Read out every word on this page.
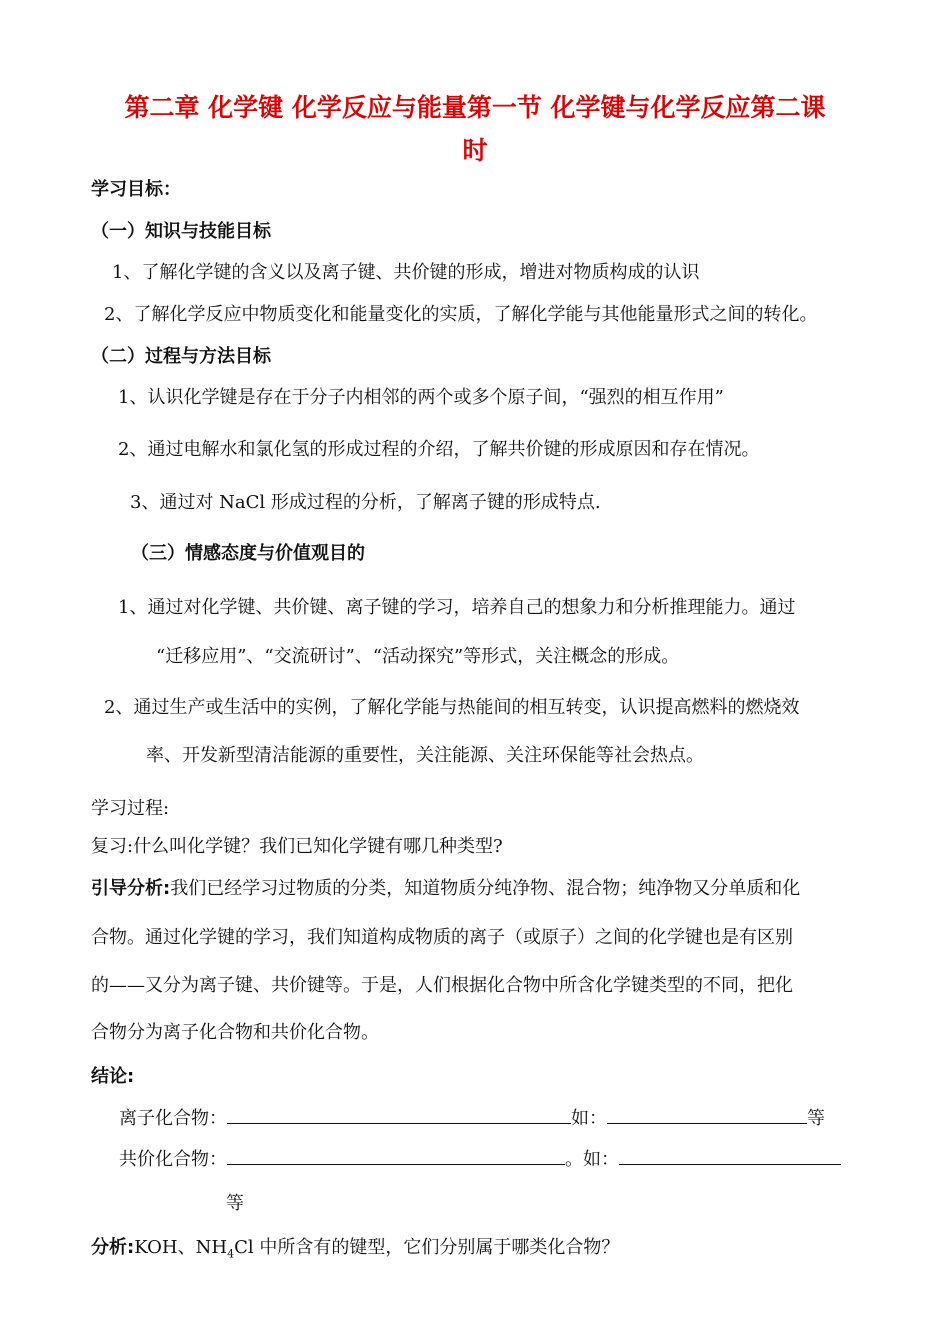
第二章 化学键 化学反应与能量第一节 化学键与化学反应第二课
时
学习目标：
（一）知识与技能目标
1、了解化学键的含义以及离子键、共价键的形成，增进对物质构成的认识
2、了解化学反应中物质变化和能量变化的实质，了解化学能与其他能量形式之间的转化。
（二）过程与方法目标
1、认识化学键是存在于分子内相邻的两个或多个原子间，“强烈的相互作用”
2、通过电解水和氯化氢的形成过程的介绍，了解共价键的形成原因和存在情况。
3、通过对 NaCl 形成过程的分析，了解离子键的形成特点.
（三）情感态度与价值观目的
1、通过对化学键、共价键、离子键的学习，培养自己的想象力和分析推理能力。通过
“迁移应用”、“交流研讨”、“活动探究”等形式，关注概念的形成。
2、通过生产或生活中的实例，了解化学能与热能间的相互转变，认识提高燃料的燃烧效
率、开发新型清洁能源的重要性，关注能源、关注环保能等社会热点。
学习过程:
复习:什么叫化学键？我们已知化学键有哪几种类型?
引导分析:我们已经学习过物质的分类，知道物质分纯净物、混合物；纯净物又分单质和化
合物。通过化学键的学习，我们知道构成物质的离子（或原子）之间的化学键也是有区别
的——又分为离子键、共价键等。于是，人们根据化合物中所含化学键类型的不同，把化
合物分为离子化合物和共价化合物。
结论:
离子化合物：	如：	等
共价化合物：	。如：
等
分析:KOH、$NH_4Cl$ 中所含有的键型，它们分别属于哪类化合物？
